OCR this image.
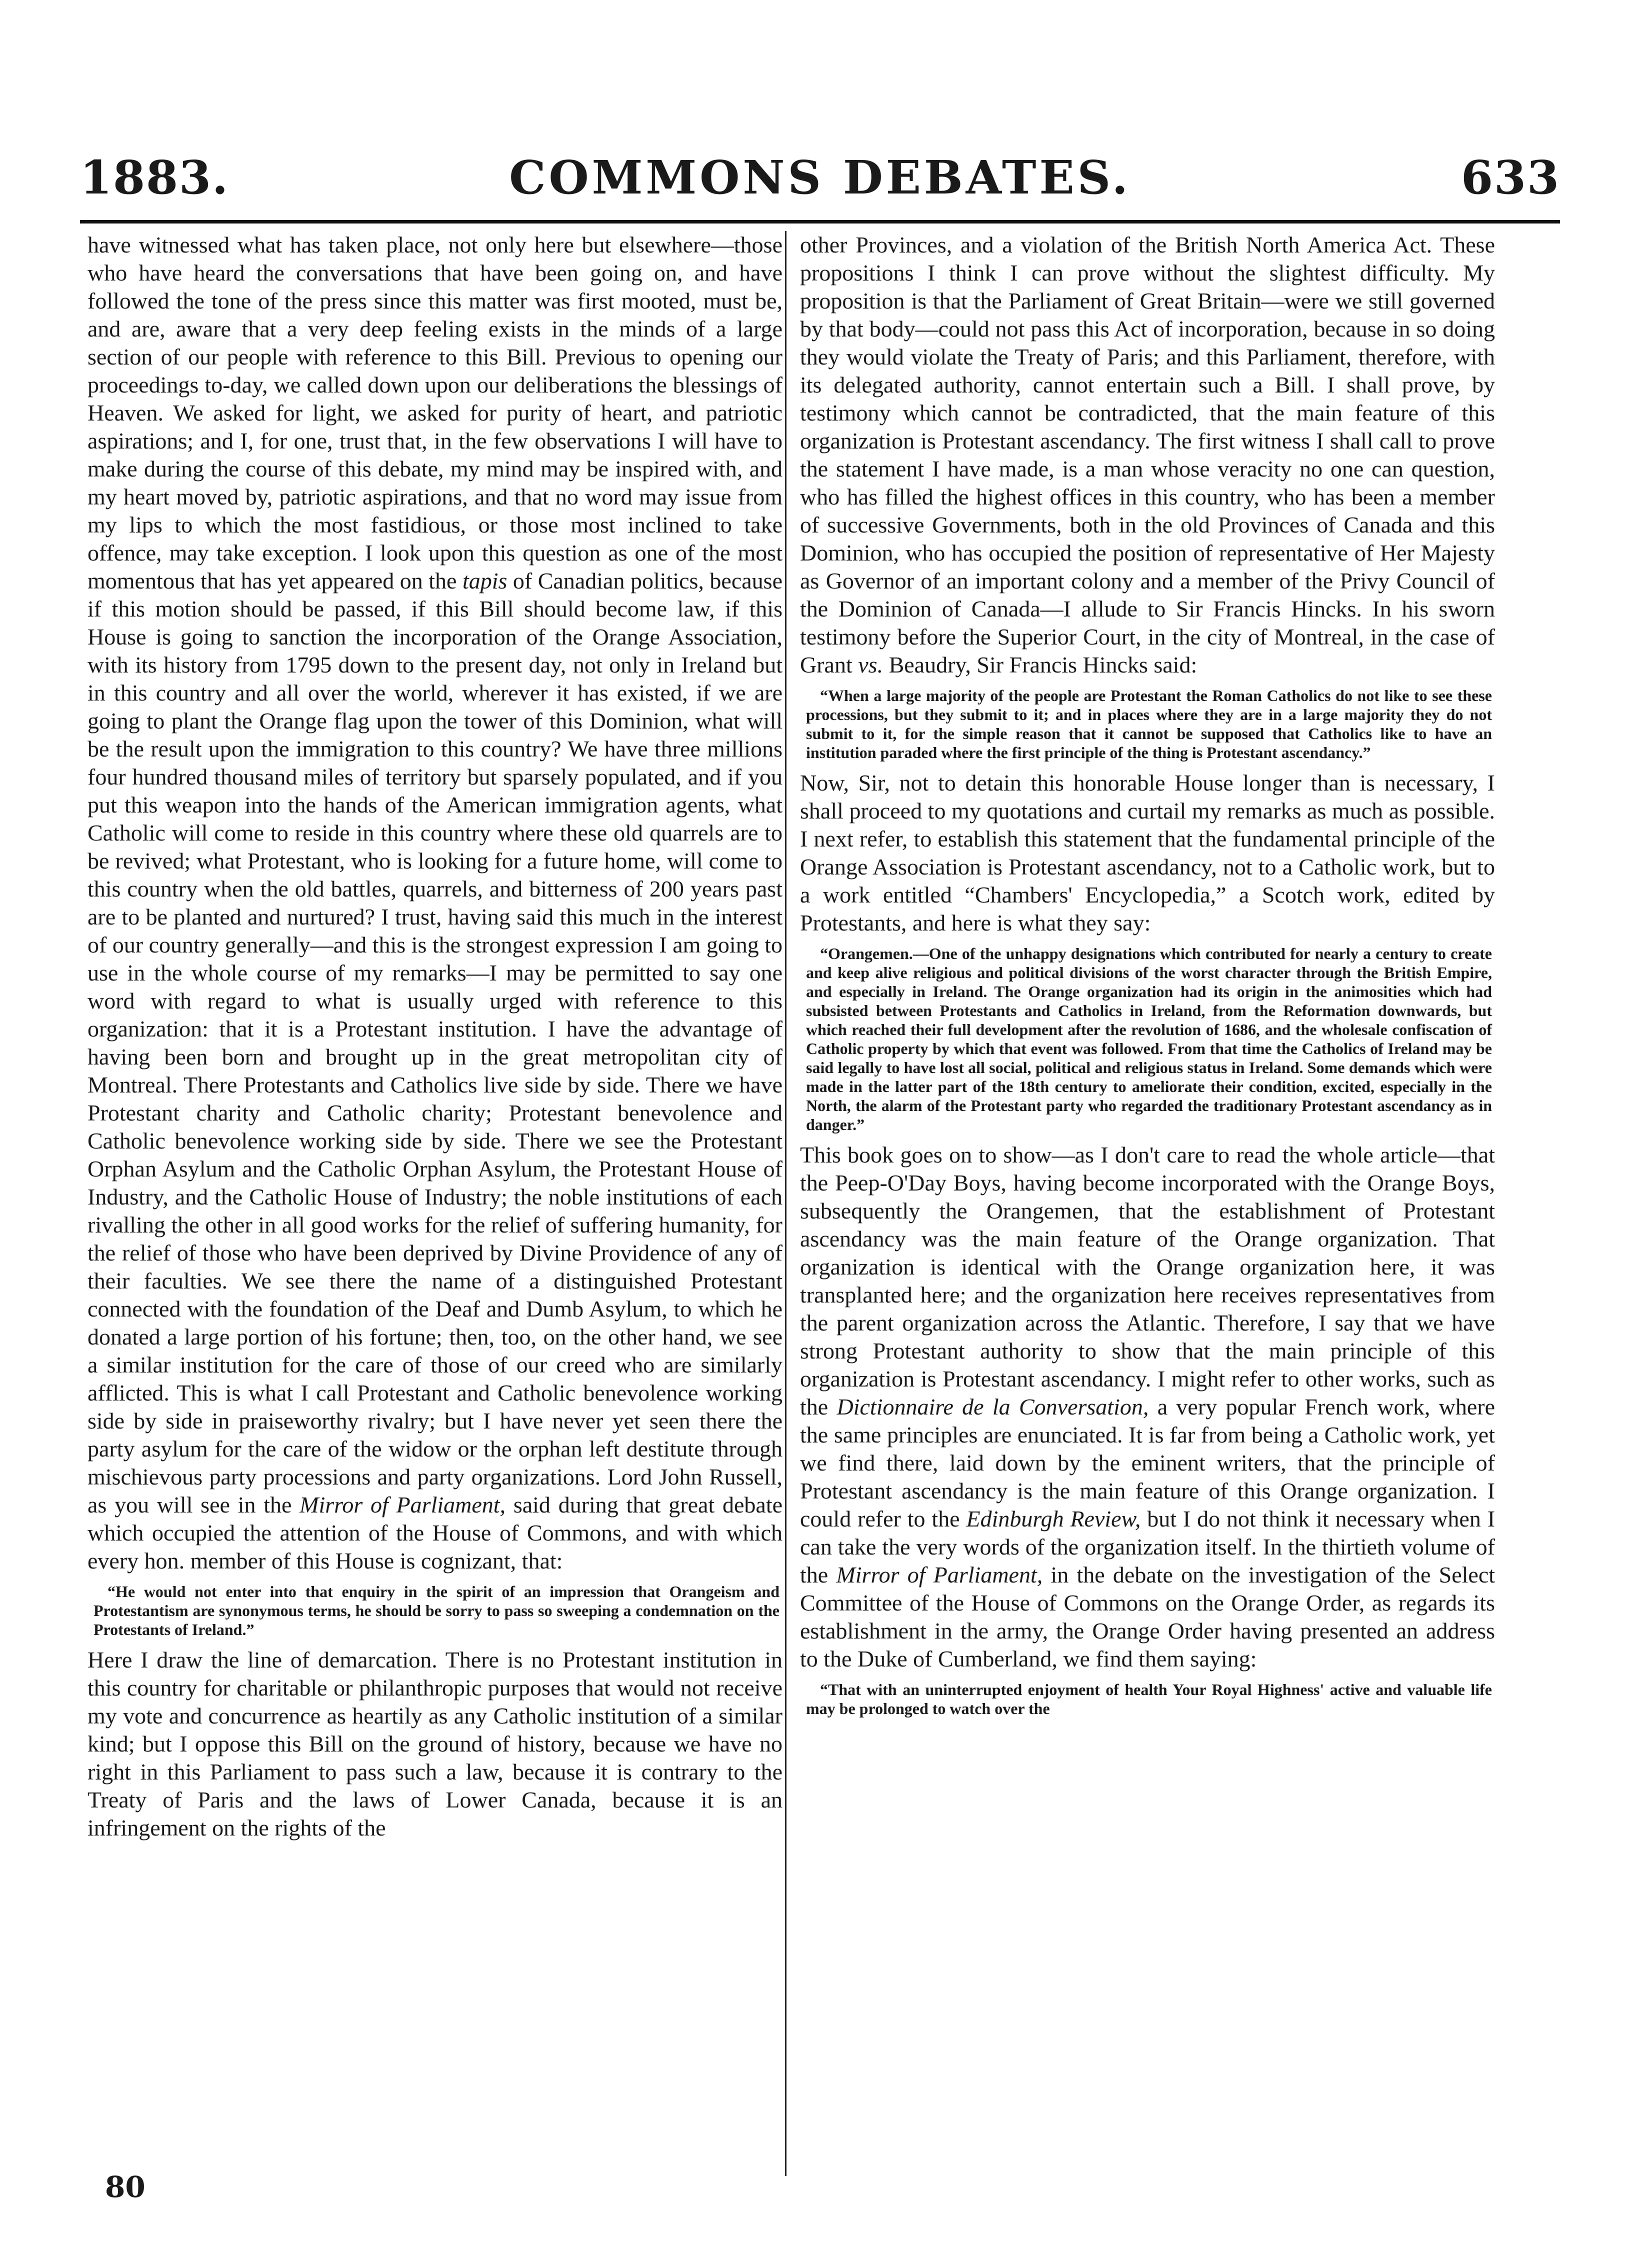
COMMONS DEBATES.
1883.	633

have witnessed what has taken place, not only here but elsewhere—those who have heard the conversations that have been going on, and have followed the tone of the press since this matter was first mooted, must be, and are, aware that a very deep feeling exists in the minds of a large section of our people with reference to this Bill. Previous to opening our proceedings to-day, we called down upon our deliberations the blessings of Heaven. We asked for light, we asked for purity of heart, and patriotic aspirations; and I, for one, trust that, in the few observations I will have to make during the course of this debate, my mind may be inspired with, and my heart moved by, patriotic aspirations, and that no word may issue from my lips to which the most fastidious, or those most inclined to take offence, may take exception. I look upon this question as one of the most momentous that has yet appeared on the tapis of Canadian politics, because if this motion should be passed, if this Bill should become law, if this House is going to sanction the incorporation of the Orange Association, with its history from 1795 down to the present day, not only in Ireland but in this country and all over the world, wherever it has existed, if we are going to plant the Orange flag upon the tower of this Dominion, what will be the result upon the immigration to this country? We have three millions four hundred thousand miles of territory but sparsely populated, and if you put this weapon into the hands of the American immigration agents, what Catholic will come to reside in this country where these old quarrels are to be revived; what Protestant, who is looking for a future home, will come to this country when the old battles, quarrels, and bitterness of 200 years past are to be planted and nurtured? I trust, having said this much in the interest of our country generally—and this is the strongest expression I am going to use in the whole course of my remarks—I may be permitted to say one word with regard to what is usually urged with reference to this organization: that it is a Protestant institution. I have the advantage of having been born and brought up in the great metropolitan city of Montreal. There Protestants and Catholics live side by side. There we have Protestant charity and Catholic charity; Protestant benevolence and Catholic benevolence working side by side. There we see the Protestant Orphan Asylum and the Catholic Orphan Asylum, the Protestant House of Industry, and the Catholic House of Industry; the noble institutions of each rivalling the other in all good works for the relief of suffering humanity, for the relief of those who have been deprived by Divine Providence of any of their faculties. We see there the name of a distinguished Protestant connected with the foundation of the Deaf and Dumb Asylum, to which he donated a large portion of his fortune; then, too, on the other hand, we see a similar institution for the care of those of our creed who are similarly afflicted. This is what I call Protestant and Catholic benevolence working side by side in praiseworthy rivalry; but I have never yet seen there the party asylum for the care of the widow or the orphan left destitute through mischievous party processions and party organizations. Lord John Russell, as you will see in the Mirror of Parliament, said during that great debate which occupied the attention of the House of Commons, and with which every hon. member of this House is cognizant, that:

“He would not enter into that enquiry in the spirit of an impression that Orangeism and Protestantism are synonymous terms, he should be sorry to pass so sweeping a condemnation on the Protestants of Ireland.”

Here I draw the line of demarcation. There is no Protestant institution in this country for charitable or philanthropic purposes that would not receive my vote and concurrence as heartily as any Catholic institution of a similar kind; but I oppose this Bill on the ground of history, because we have no right in this Parliament to pass such a law, because it is contrary to the Treaty of Paris and the laws of Lower Canada, because it is an infringement on the rights of the

other Provinces, and a violation of the British North America Act. These propositions I think I can prove without the slightest difficulty. My proposition is that the Parliament of Great Britain—were we still governed by that body—could not pass this Act of incorporation, because in so doing they would violate the Treaty of Paris; and this Parliament, therefore, with its delegated authority, cannot entertain such a Bill. I shall prove, by testimony which cannot be contradicted, that the main feature of this organization is Protestant ascendancy. The first witness I shall call to prove the statement I have made, is a man whose veracity no one can question, who has filled the highest offices in this country, who has been a member of successive Governments, both in the old Provinces of Canada and this Dominion, who has occupied the position of representative of Her Majesty as Governor of an important colony and a member of the Privy Council of the Dominion of Canada—I allude to Sir Francis Hincks. In his sworn testimony before the Superior Court, in the city of Montreal, in the case of Grant vs. Beaudry, Sir Francis Hincks said:

“When a large majority of the people are Protestant the Roman Catholics do not like to see these processions, but they submit to it; and in places where they are in a large majority they do not submit to it, for the simple reason that it cannot be supposed that Catholics like to have an institution paraded where the first principle of the thing is Protestant ascendancy.”

Now, Sir, not to detain this honorable House longer than is necessary, I shall proceed to my quotations and curtail my remarks as much as possible. I next refer, to establish this statement that the fundamental principle of the Orange Association is Protestant ascendancy, not to a Catholic work, but to a work entitled “Chambers' Encyclopedia,” a Scotch work, edited by Protestants, and here is what they say:

“Orangemen.—One of the unhappy designations which contributed for nearly a century to create and keep alive religious and political divisions of the worst character through the British Empire, and especially in Ireland. The Orange organization had its origin in the animosities which had subsisted between Protestants and Catholics in Ireland, from the Reformation downwards, but which reached their full development after the revolution of 1686, and the wholesale confiscation of Catholic property by which that event was followed. From that time the Catholics of Ireland may be said legally to have lost all social, political and religious status in Ireland. Some demands which were made in the latter part of the 18th century to ameliorate their condition, excited, especially in the North, the alarm of the Protestant party who regarded the traditionary Protestant ascendancy as in danger.”

This book goes on to show—as I don't care to read the whole article—that the Peep-O'Day Boys, having become incorporated with the Orange Boys, subsequently the Orangemen, that the establishment of Protestant ascendancy was the main feature of the Orange organization. That organization is identical with the Orange organization here, it was transplanted here; and the organization here receives representatives from the parent organization across the Atlantic. Therefore, I say that we have strong Protestant authority to show that the main principle of this organization is Protestant ascendancy. I might refer to other works, such as the Dictionnaire de la Conversation, a very popular French work, where the same principles are enunciated. It is far from being a Catholic work, yet we find there, laid down by the eminent writers, that the principle of Protestant ascendancy is the main feature of this Orange organization. I could refer to the Edinburgh Review, but I do not think it necessary when I can take the very words of the organization itself. In the thirtieth volume of the Mirror of Parliament, in the debate on the investigation of the Select Committee of the House of Commons on the Orange Order, as regards its establishment in the army, the Orange Order having presented an address to the Duke of Cumberland, we find them saying:

“That with an uninterrupted enjoyment of health Your Royal Highness' active and valuable life may be prolonged to watch over the
80
